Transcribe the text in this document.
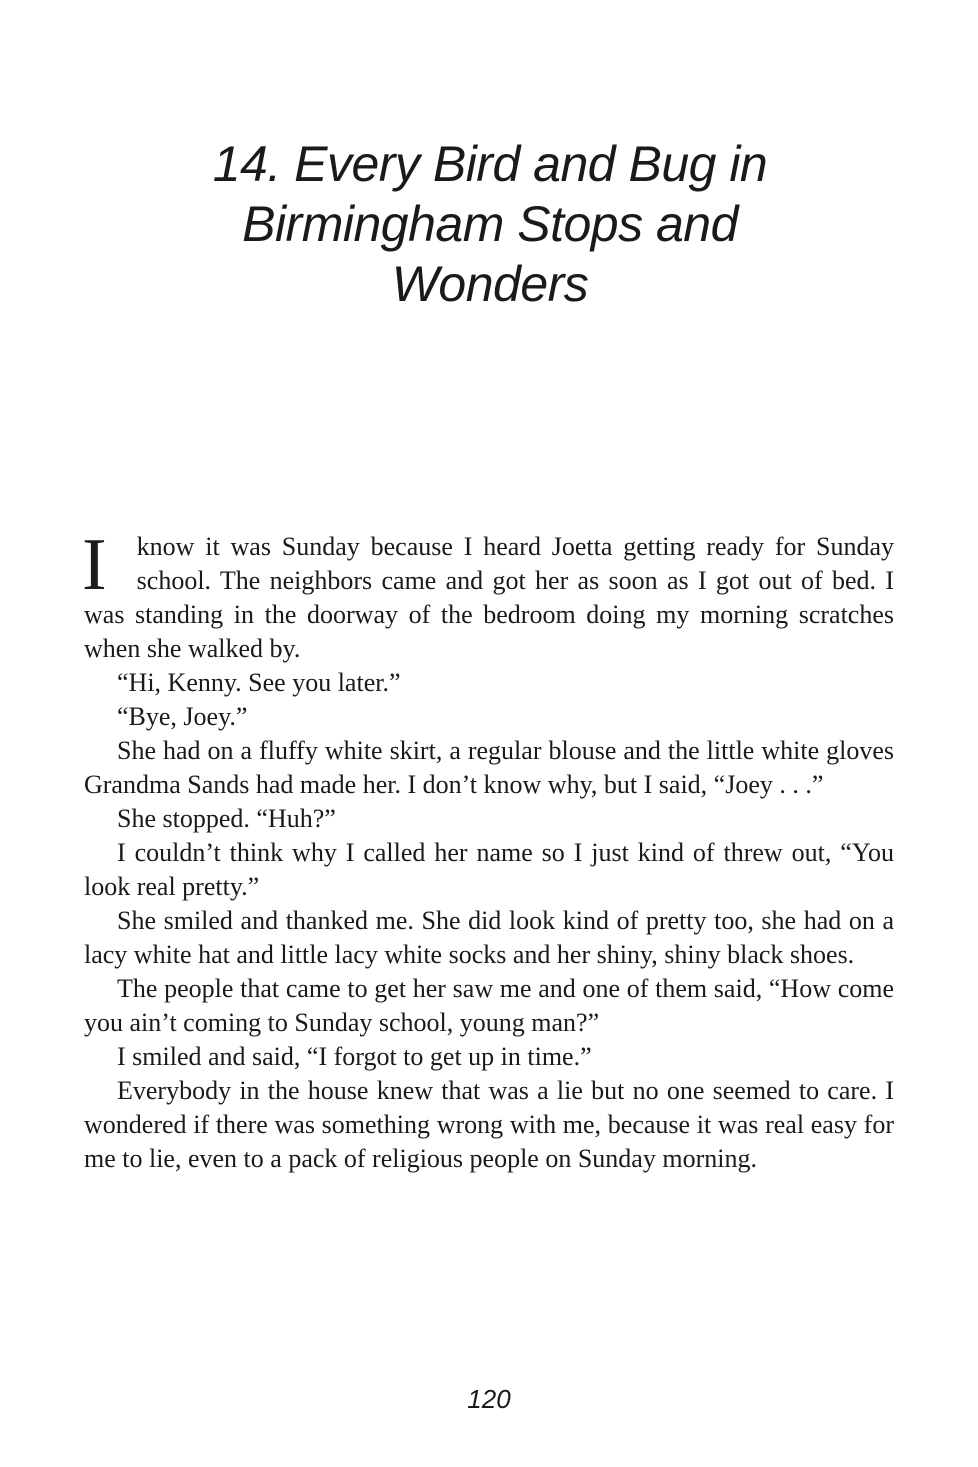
14. Every Bird and Bug in Birmingham Stops and Wonders

I	know it was Sunday because I heard Joetta getting ready for Sunday school. The neighbors came and got her as soon as I got out of bed. I was standing in the doorway of the bedroom doing my morning scratches when she walked by.

“Hi, Kenny. See you later.”

“Bye, Joey.”

She had on a fluffy white skirt, a regular blouse and the little white gloves Grandma Sands had made her. I don’t know why, but I said, “Joey . . .”

She stopped. “Huh?”

I couldn’t think why I called her name so I just kind of threw out, “You look real pretty.”

She smiled and thanked me. She did look kind of pretty too, she had on a lacy white hat and little lacy white socks and her shiny, shiny black shoes.

The people that came to get her saw me and one of them said, “How come you ain’t coming to Sunday school, young man?”

I smiled and said, “I forgot to get up in time.”

Everybody in the house knew that was a lie but no one seemed to care. I wondered if there was something wrong with me, because it was real easy for me to lie, even to a pack of religious people on Sunday morning.

120
